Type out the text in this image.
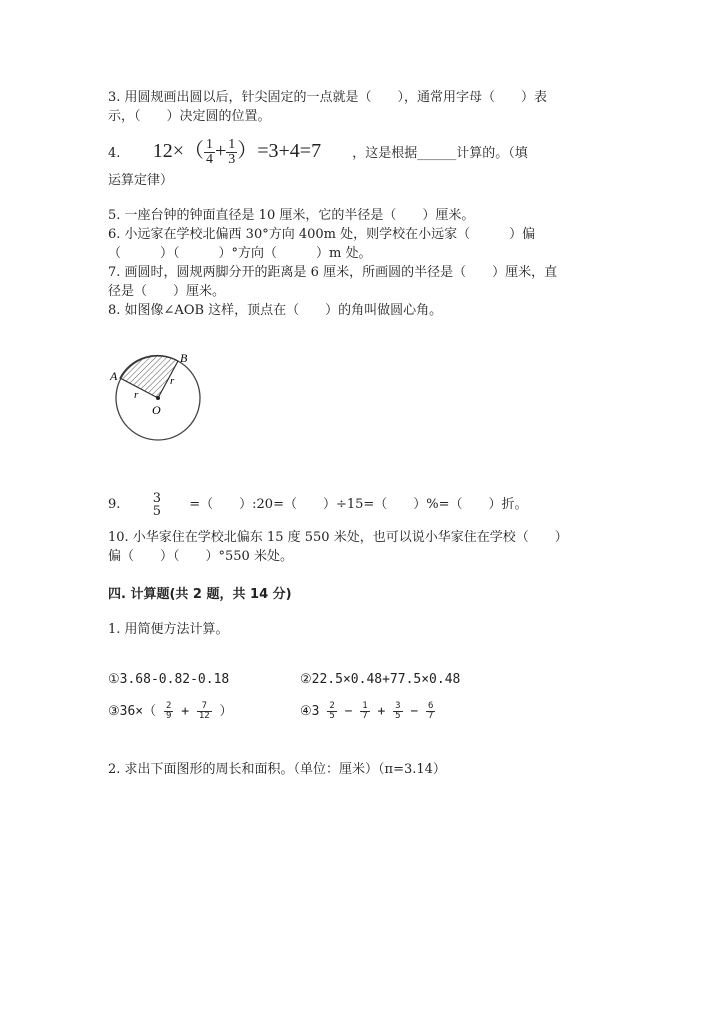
3. 用圆规画出圆以后，针尖固定的一点就是（　　），通常用字母（　　）表
示，（　　）决定圆的位置。
4. $12\times( \frac{1}{4} + \frac{1}{3} )=3+4=7$ ，这是根据______计算的。（填
运算定律）
5. 一座台钟的钟面直径是 10 厘米，它的半径是（　　）厘米。
6. 小远家在学校北偏西 30°方向 400m 处，则学校在小远家（　　　）偏
（　　　）（　　　）°方向（　　　）m 处。
7. 画圆时，圆规两脚分开的距离是 6 厘米，所画圆的半径是（　　）厘米，直
径是（　　）厘米。
8. 如图像∠AOB 这样，顶点在（　　）的角叫做圆心角。
A
B
O
r
r
9. 3
5 =（　　）:20=（　　）÷15=（　　）%=（　　）折。
10. 小华家住在学校北偏东 15 度 550 米处，也可以说小华家住在学校（　　）
偏（　　）（　　）°550 米处。
四. 计算题(共 2 题，共 14 分)
1. 用简便方法计算。
①3.68-0.82-0.18	②22.5×0.48+77.5×0.48
③36×（ $\frac{2}{9} + \frac{7}{12}$ ）	④3 $\frac{2}{5} - \frac{1}{7} + \frac{3}{5} - \frac{6}{7}$
2. 求出下面图形的周长和面积。（单位：厘米）（π=3.14）
